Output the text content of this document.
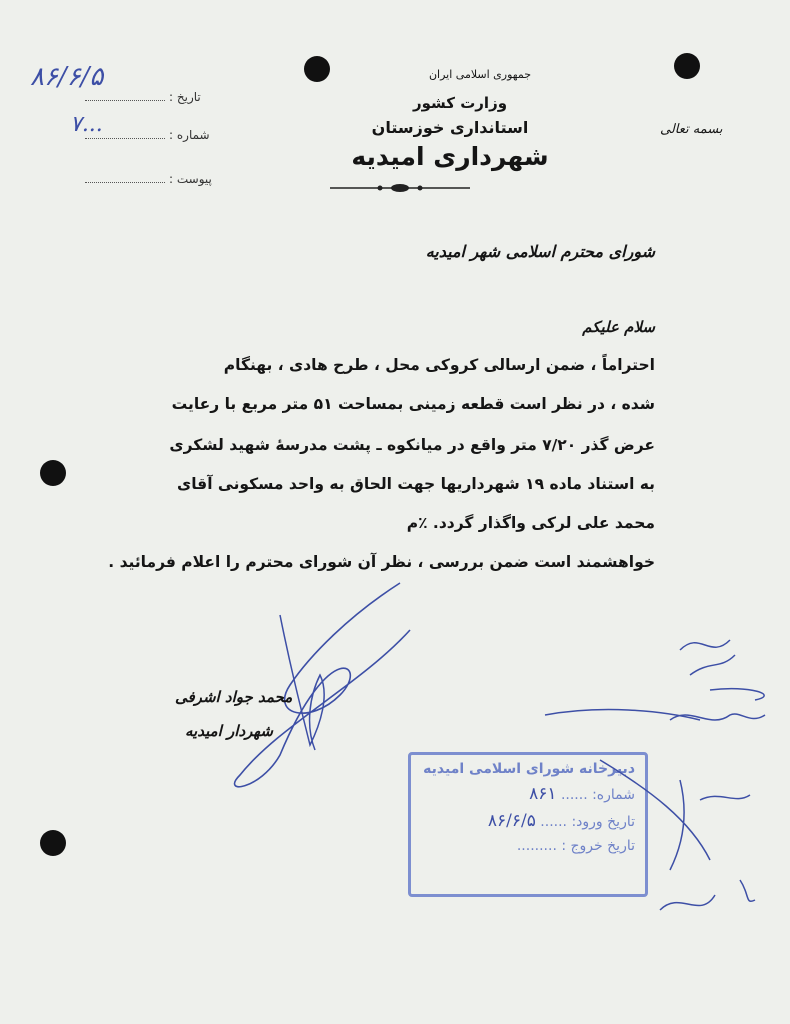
جمهوری اسلامی ایران
وزارت کشور
استانداری خوزستان
شهرداری امیدیه
بسمه تعالی
تاریخ :
۸۶/۶/۵
شماره :
۷...
پیوست :
شورای محترم اسلامی شهر امیدیه
سلام علیکم
احتراماً ، ضمن ارسالی کروکی محل ، طرح هادی ، بهنگام
شده ، در نظر است قطعه زمینی بمساحت ۵۱ متر مربع با رعایت
عرض گذر ۷/۲۰ متر واقع در میانکوه ـ پشت مدرسهٔ شهید لشکری
به استناد ماده ۱۹ شهرداریها جهت الحاق به واحد مسکونی آقای
محمد علی لرکی واگذار گردد. ٪م
خواهشمند است ضمن بررسی ، نظر آن شورای محترم را اعلام فرمائید .
محمد جواد اشرفی
شهردار امیدیه
دبیرخانه شورای اسلامی امیدیه
شماره: ...... ۸۶۱
تاریخ ورود: ...... ۸۶/۶/۵
تاریخ خروج : .........
